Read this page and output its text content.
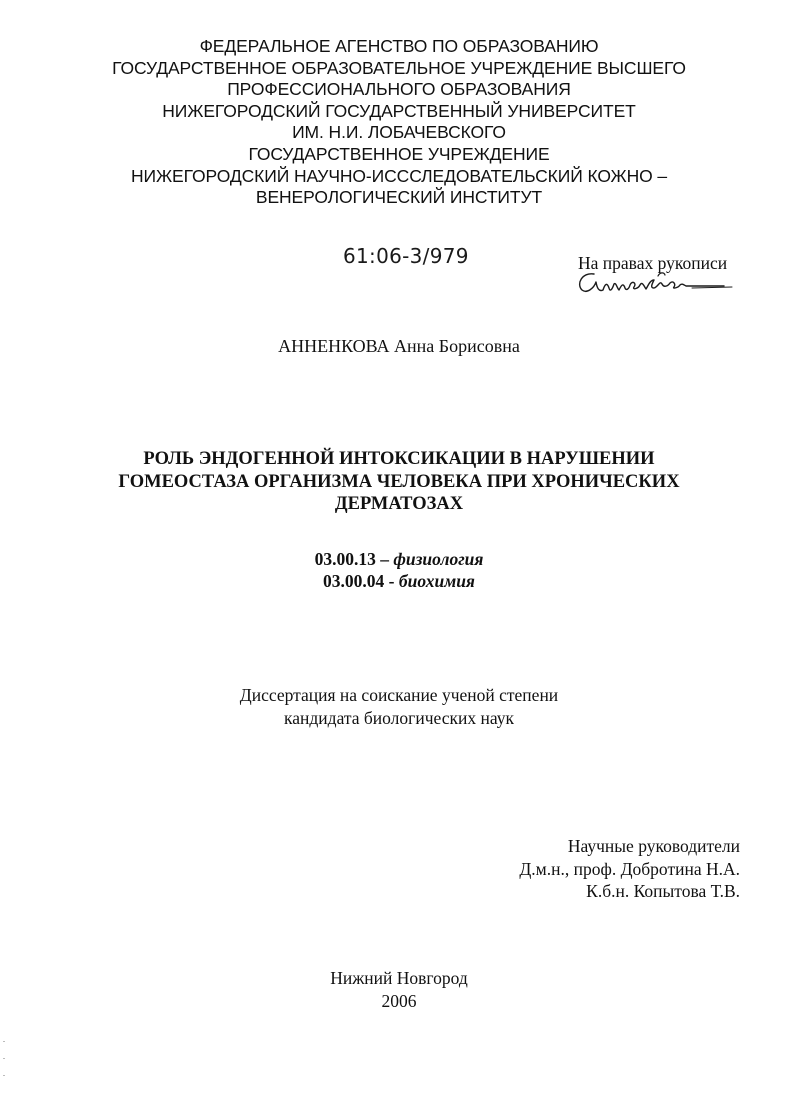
ФЕДЕРАЛЬНОЕ АГЕНСТВО ПО ОБРАЗОВАНИЮ
ГОСУДАРСТВЕННОЕ ОБРАЗОВАТЕЛЬНОЕ УЧРЕЖДЕНИЕ ВЫСШЕГО
ПРОФЕССИОНАЛЬНОГО ОБРАЗОВАНИЯ
НИЖЕГОРОДСКИЙ ГОСУДАРСТВЕННЫЙ УНИВЕРСИТЕТ
ИМ. Н.И. ЛОБАЧЕВСКОГО
ГОСУДАРСТВЕННОЕ УЧРЕЖДЕНИЕ
НИЖЕГОРОДСКИЙ НАУЧНО-ИСССЛЕДОВАТЕЛЬСКИЙ КОЖНО –
ВЕНЕРОЛОГИЧЕСКИЙ ИНСТИТУТ
61:06-3/979	На правах рукописи
АННЕНКОВА Анна Борисовна
РОЛЬ ЭНДОГЕННОЙ ИНТОКСИКАЦИИ В НАРУШЕНИИ
ГОМЕОСТАЗА ОРГАНИЗМА ЧЕЛОВЕКА ПРИ ХРОНИЧЕСКИХ
ДЕРМАТОЗАХ
03.00.13 – физиология
03.00.04 - биохимия
Диссертация на соискание ученой степени
кандидата биологических наук
Научные руководители
Д.м.н., проф. Добротина Н.А.
К.б.н. Копытова Т.В.
Нижний Новгород
2006
